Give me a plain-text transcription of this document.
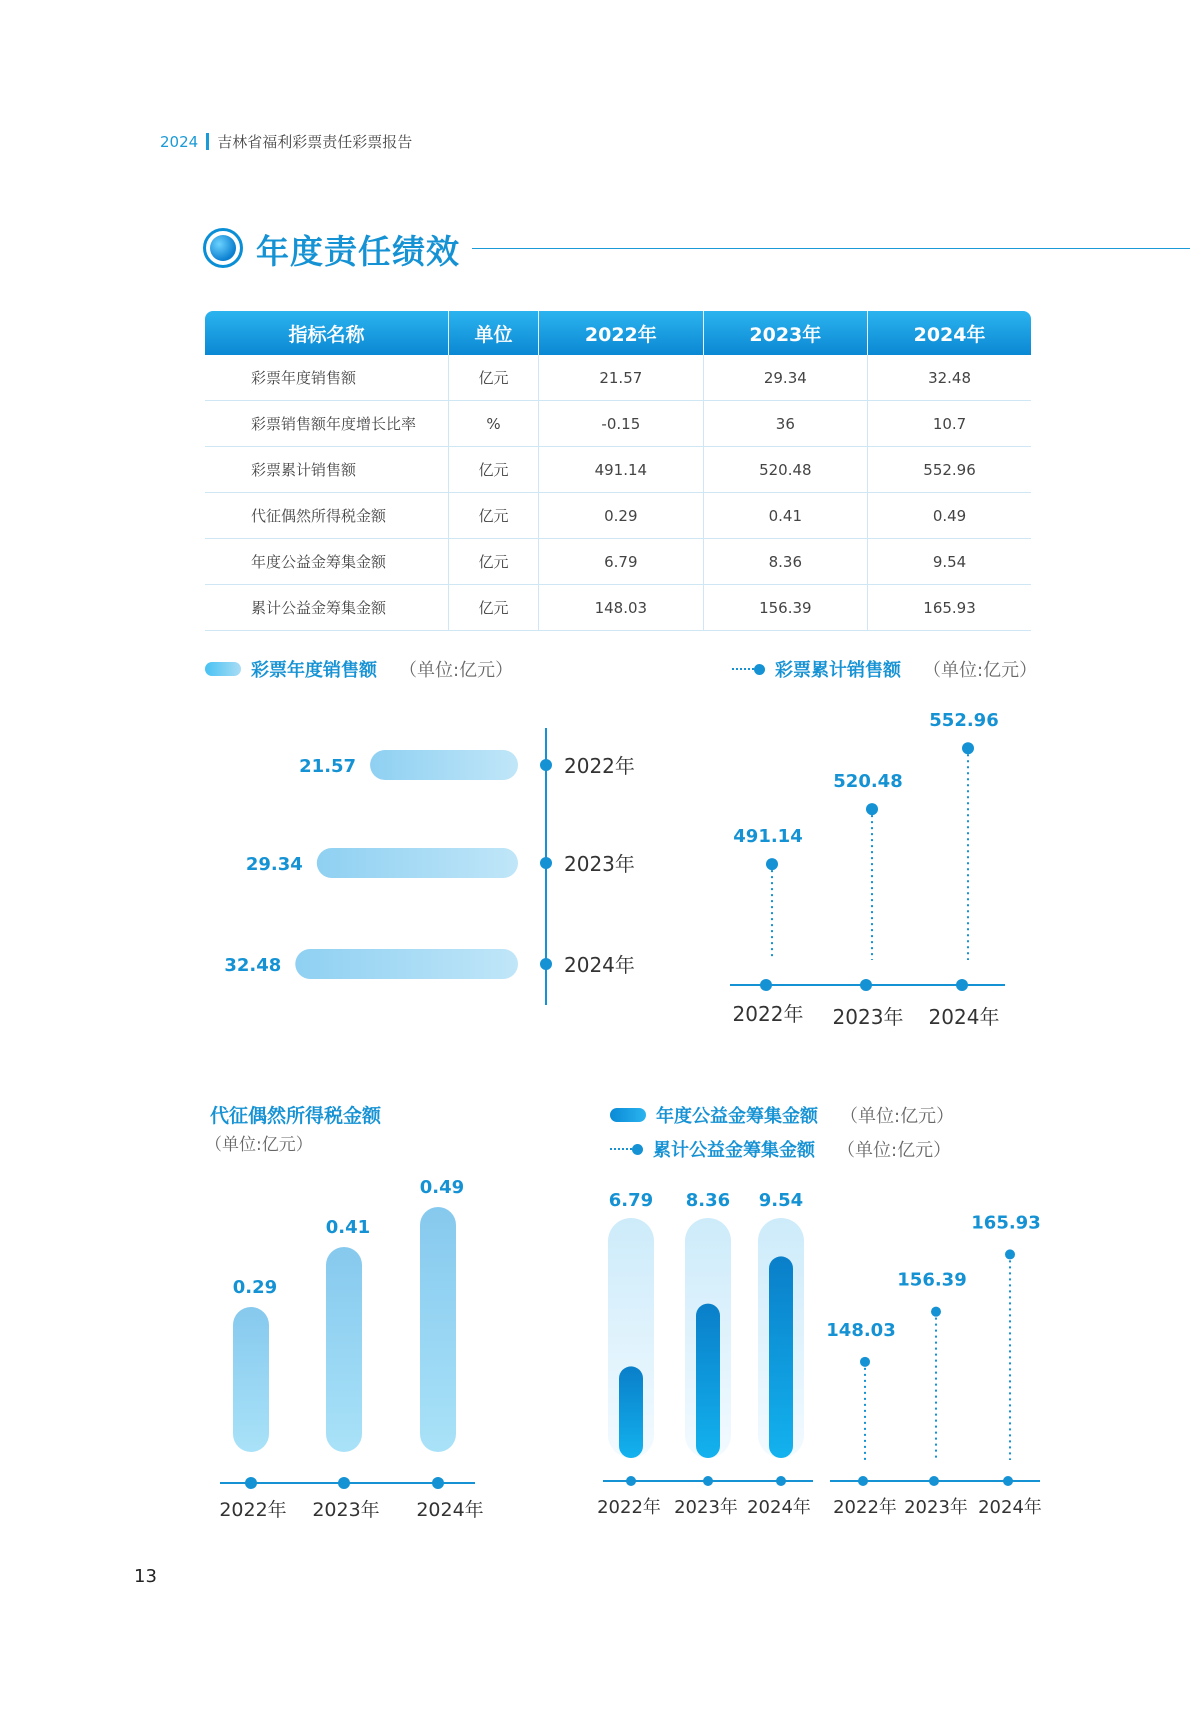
2024 吉林省福利彩票责任彩票报告
年度责任绩效
指标名称	单位	2022年	2023年	2024年
彩票年度销售额	亿元	21.57	29.34	32.48
彩票销售额年度增长比率	%	-0.15	36	10.7
彩票累计销售额	亿元	491.14	520.48	552.96
代征偶然所得税金额	亿元	0.29	0.41	0.49
年度公益金筹集金额	亿元	6.79	8.36	9.54
累计公益金筹集金额	亿元	148.03	156.39	165.93
彩票年度销售额 （单位:亿元）	彩票累计销售额 （单位:亿元）
代征偶然所得税金额
（单位:亿元）
年度公益金筹集金额 （单位:亿元）
累计公益金筹集金额 （单位:亿元）
21.57	2022年
29.34	2023年
32.48	2024年
491.14
2022年
520.48
2023年
552.96
2024年
0.29
2022年
0.41
2023年
0.49
2024年
6.79
2022年
8.36
2023年
9.54
2024年
148.03
2022年
156.39
2023年
165.93
2024年
13
